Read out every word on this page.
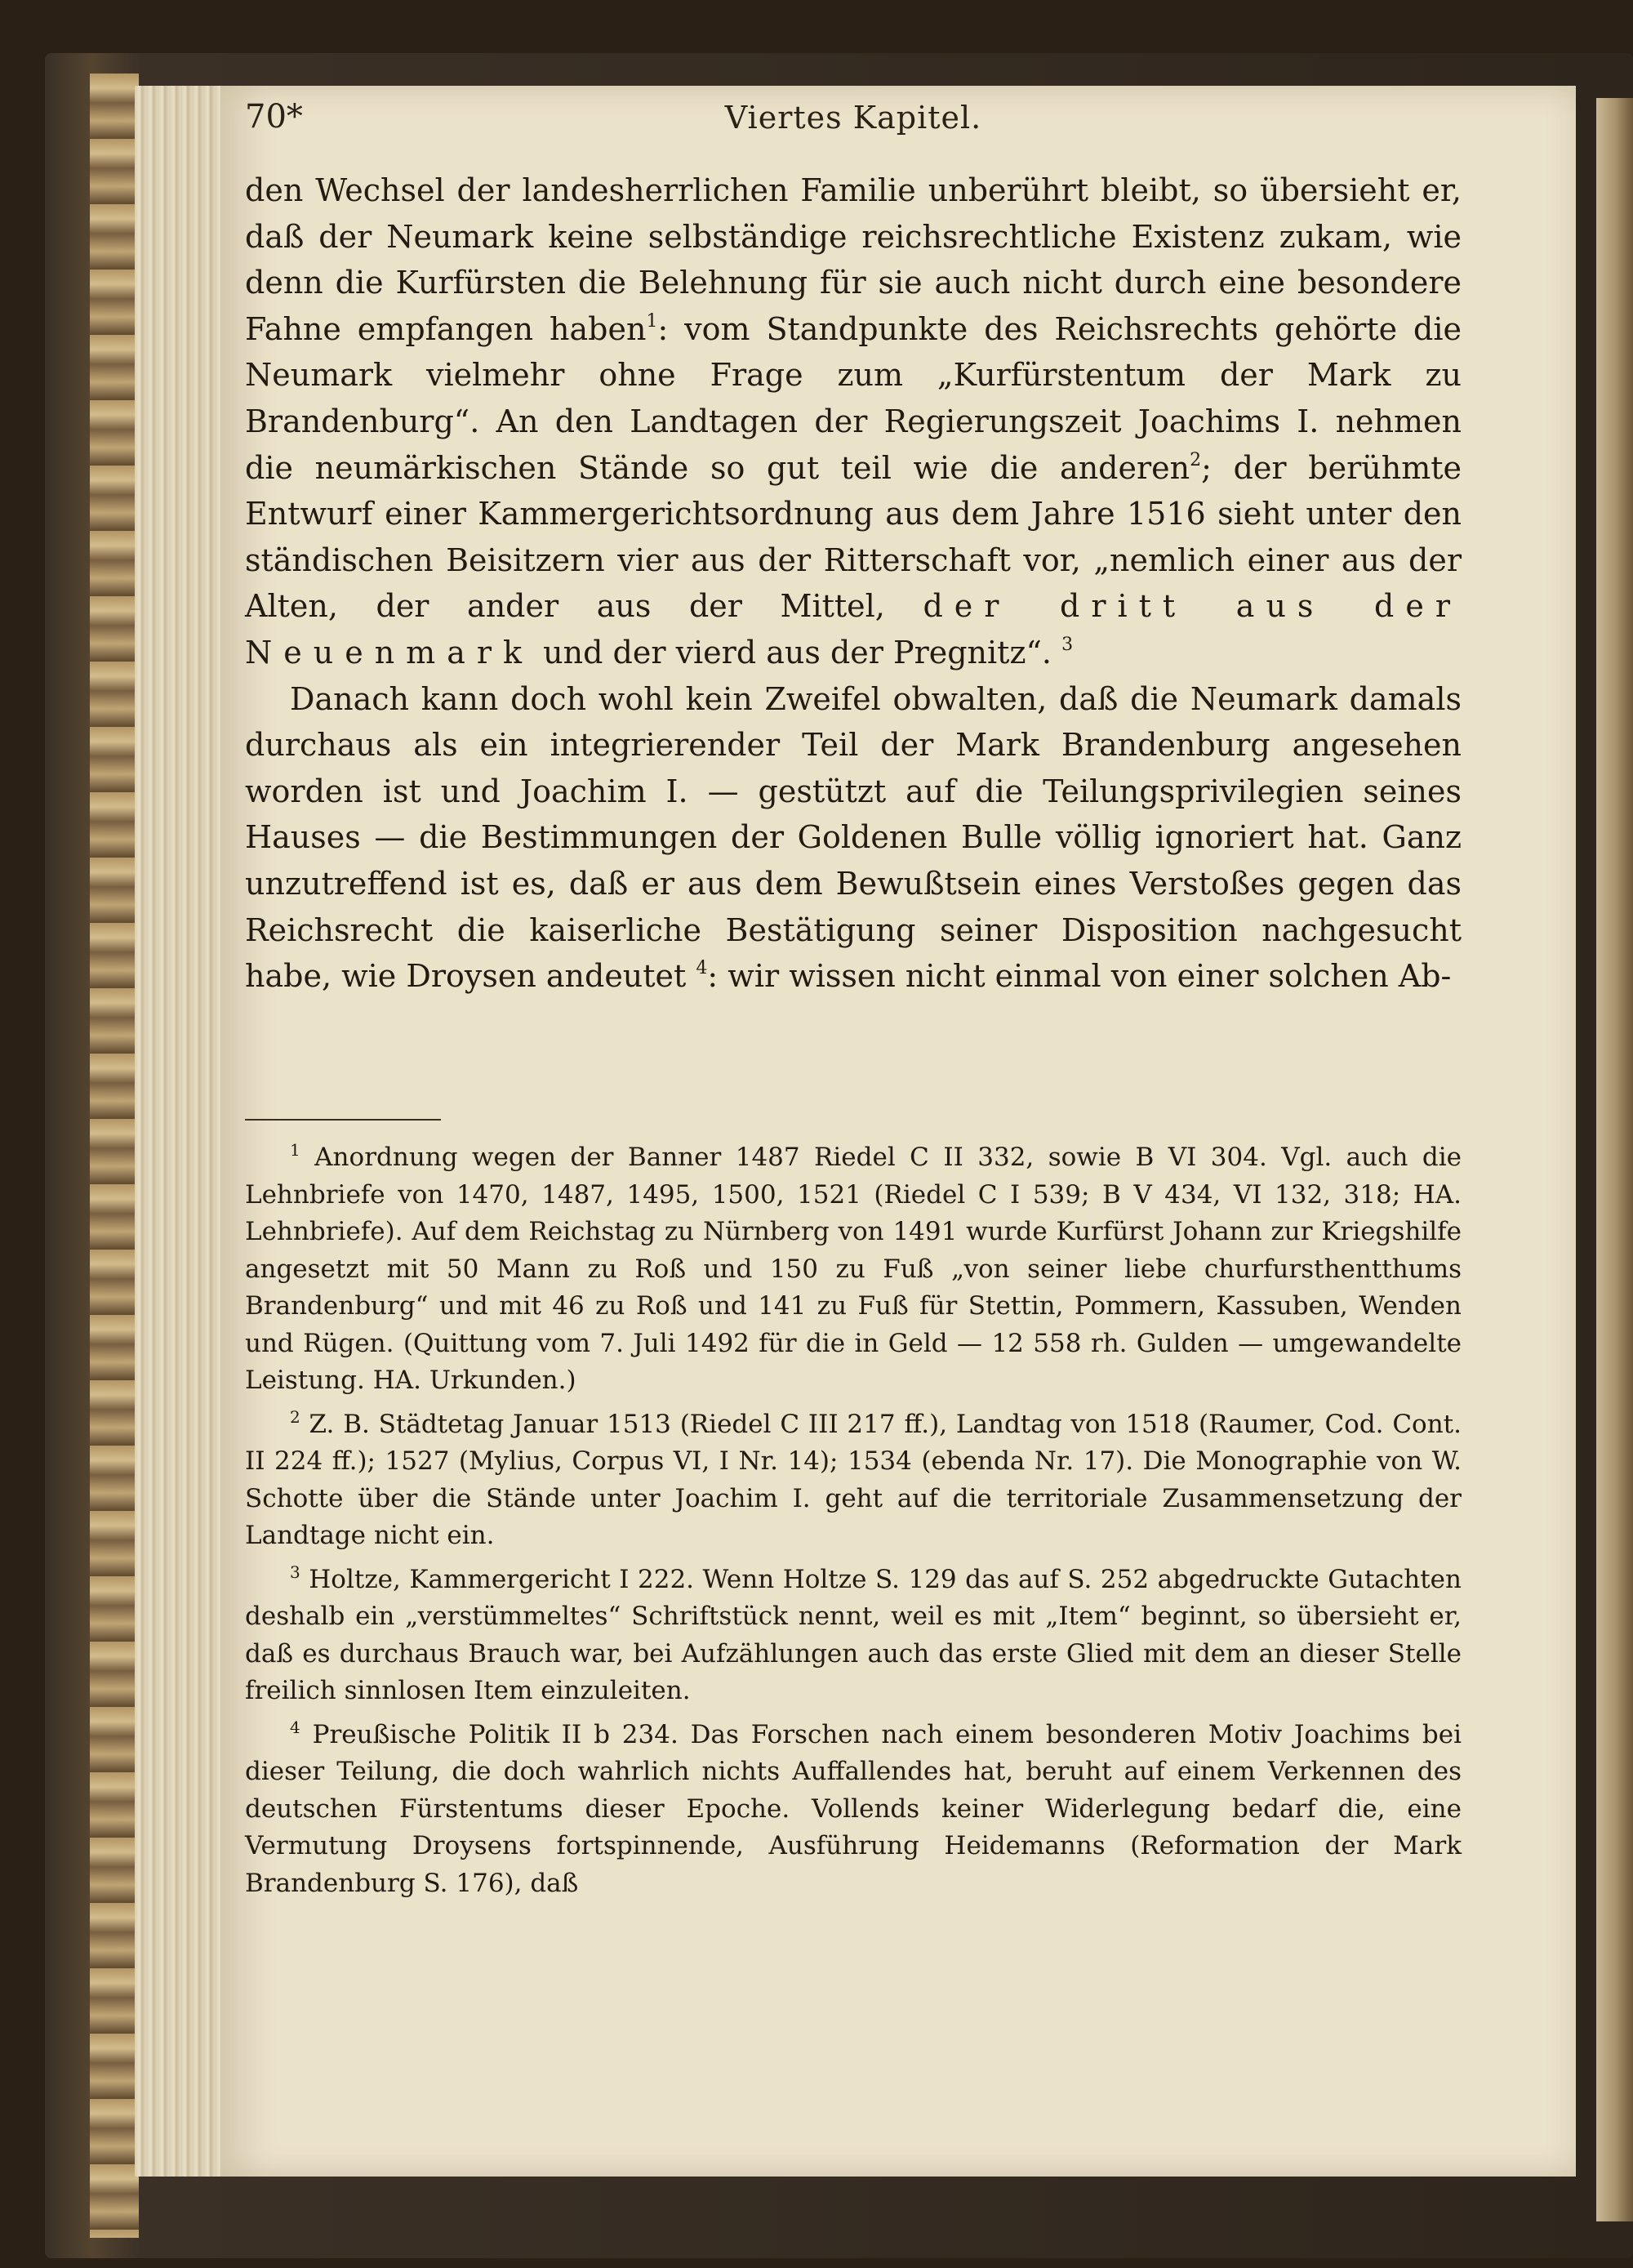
70*	Viertes Kapitel.

den Wechsel der landesherrlichen Familie unberührt bleibt, so übersieht er, daß der Neumark keine selbständige reichsrechtliche Existenz zukam, wie denn die Kurfürsten die Belehnung für sie auch nicht durch eine besondere Fahne empfangen haben$^1$: vom Standpunkte des Reichsrechts gehörte die Neumark vielmehr ohne Frage zum „Kurfürstentum der Mark zu Brandenburg“. An den Landtagen der Regierungszeit Joachims I. nehmen die neumärkischen Stände so gut teil wie die anderen$^2$; der berühmte Entwurf einer Kammergerichtsordnung aus dem Jahre 1516 sieht unter den ständischen Beisitzern vier aus der Ritterschaft vor, „nemlich einer aus der Alten, der ander aus der Mittel, der dritt aus der Neuenmark und der vierd aus der Pregnitz“. $^3$

Danach kann doch wohl kein Zweifel obwalten, daß die Neumark damals durchaus als ein integrierender Teil der Mark Brandenburg angesehen worden ist und Joachim I. — gestützt auf die Teilungsprivilegien seines Hauses — die Bestimmungen der Goldenen Bulle völlig ignoriert hat. Ganz unzutreffend ist es, daß er aus dem Bewußtsein eines Verstoßes gegen das Reichsrecht die kaiserliche Bestätigung seiner Disposition nachgesucht habe, wie Droysen andeutet $^4$: wir wissen nicht einmal von einer solchen Ab-

$^1$ Anordnung wegen der Banner 1487 Riedel C II 332, sowie B VI 304. Vgl. auch die Lehnbriefe von 1470, 1487, 1495, 1500, 1521 (Riedel C I 539; B V 434, VI 132, 318; HA. Lehnbriefe). Auf dem Reichstag zu Nürnberg von 1491 wurde Kurfürst Johann zur Kriegshilfe angesetzt mit 50 Mann zu Roß und 150 zu Fuß „von seiner liebe churfursthentthums Brandenburg“ und mit 46 zu Roß und 141 zu Fuß für Stettin, Pommern, Kassuben, Wenden und Rügen. (Quittung vom 7. Juli 1492 für die in Geld — 12 558 rh. Gulden — umgewandelte Leistung. HA. Urkunden.)

$^2$ Z. B. Städtetag Januar 1513 (Riedel C III 217 ff.), Landtag von 1518 (Raumer, Cod. Cont. II 224 ff.); 1527 (Mylius, Corpus VI, I Nr. 14); 1534 (ebenda Nr. 17). Die Monographie von W. Schotte über die Stände unter Joachim I. geht auf die territoriale Zusammensetzung der Landtage nicht ein.

$^3$ Holtze, Kammergericht I 222. Wenn Holtze S. 129 das auf S. 252 abgedruckte Gutachten deshalb ein „verstümmeltes“ Schriftstück nennt, weil es mit „Item“ beginnt, so übersieht er, daß es durchaus Brauch war, bei Aufzählungen auch das erste Glied mit dem an dieser Stelle freilich sinnlosen Item einzuleiten.

$^4$ Preußische Politik II b 234. Das Forschen nach einem besonderen Motiv Joachims bei dieser Teilung, die doch wahrlich nichts Auffallendes hat, beruht auf einem Verkennen des deutschen Fürstentums dieser Epoche. Vollends keiner Widerlegung bedarf die, eine Vermutung Droysens fortspinnende, Ausführung Heidemanns (Reformation der Mark Brandenburg S. 176), daß
